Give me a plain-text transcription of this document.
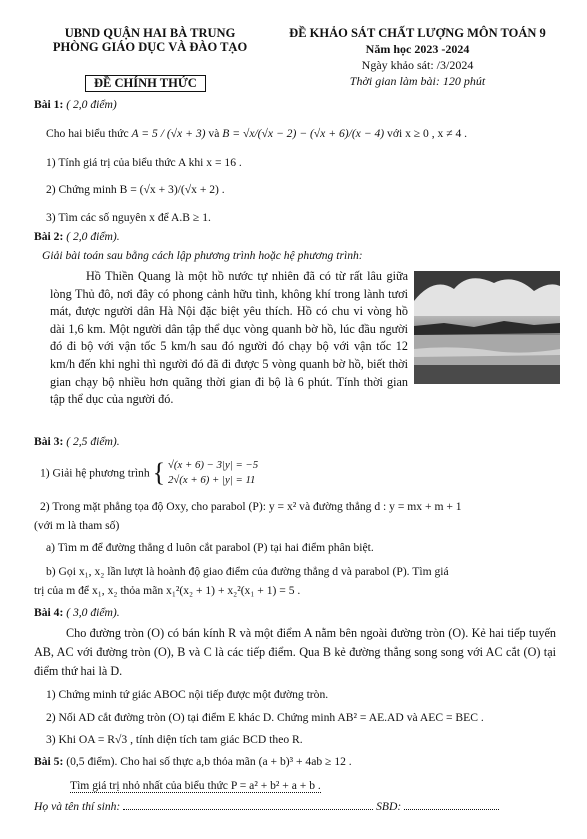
UBND QUẬN HAI BÀ TRUNG
PHÒNG GIÁO DỤC VÀ ĐÀO TẠO
ĐỀ CHÍNH THỨC
ĐỀ KHẢO SÁT CHẤT LƯỢNG MÔN TOÁN 9
Năm học 2023 -2024
Ngày khảo sát: /3/2024
Thời gian làm bài: 120 phút
Bài 1: ( 2,0 điểm)
Cho hai biểu thức A = 5 / (√x + 3) và B = √x/(√x − 2) − (√x + 6)/(x − 4) với x ≥ 0 , x ≠ 4 .
1) Tính giá trị của biểu thức A khi x = 16 .
2) Chứng minh B = (√x + 3)/(√x + 2) .
3) Tìm các số nguyên x để A.B ≥ 1.
Bài 2: ( 2,0 điểm).
Giải bài toán sau bằng cách lập phương trình hoặc hệ phương trình:
Hồ Thiền Quang là một hồ nước tự nhiên đã có từ rất lâu giữa lòng Thủ đô, nơi đây có phong cảnh hữu tình, không khí trong lành tươi mát, được người dân Hà Nội đặc biệt yêu thích. Hồ có chu vi vòng hồ dài 1,6 km. Một người dân tập thể dục vòng quanh bờ hồ, lúc đầu người đó đi bộ với vận tốc 5 km/h sau đó người đó chạy bộ với vận tốc 12 km/h đến khi nghỉ thì người đó đã đi được 5 vòng quanh bờ hồ, biết thời gian chạy bộ nhiều hơn quãng thời gian đi bộ là 6 phút. Tính thời gian tập thể dục của người đó.
Bài 3: ( 2,5 điểm).
1) Giải hệ phương trình { √(x + 6) − 3|y| = −5
2√(x + 6) + |y| = 11
2) Trong mặt phẳng tọa độ Oxy, cho parabol (P): y = x² và đường thẳng d : y = mx + m + 1
(với m là tham số)
a) Tìm m để đường thẳng d luôn cắt parabol (P) tại hai điểm phân biệt.
b) Gọi x₁, x₂ lần lượt là hoành độ giao điểm của đường thẳng d và parabol (P). Tìm giá
trị của m để x₁, x₂ thỏa mãn x₁²(x₂ + 1) + x₂²(x₁ + 1) = 5 .
Bài 4: ( 3,0 điểm).
Cho đường tròn (O) có bán kính R và một điểm A nằm bên ngoài đường tròn (O). Kẻ hai tiếp tuyến AB, AC với đường tròn (O), B và C là các tiếp điểm. Qua B kẻ đường thẳng song song với AC cắt (O) tại điểm thứ hai là D.
1) Chứng minh tứ giác ABOC nội tiếp được một đường tròn.
2) Nối AD cắt đường tròn (O) tại điểm E khác D. Chứng minh AB² = AE.AD và AEC = BEC .
3) Khi OA = R√3 , tính diện tích tam giác BCD theo R.
Bài 5: (0,5 điểm). Cho hai số thực a,b thỏa mãn (a + b)³ + 4ab ≥ 12 .
Tìm giá trị nhỏ nhất của biểu thức P = a² + b² + a + b .
Họ và tên thí sinh:	SBD:
